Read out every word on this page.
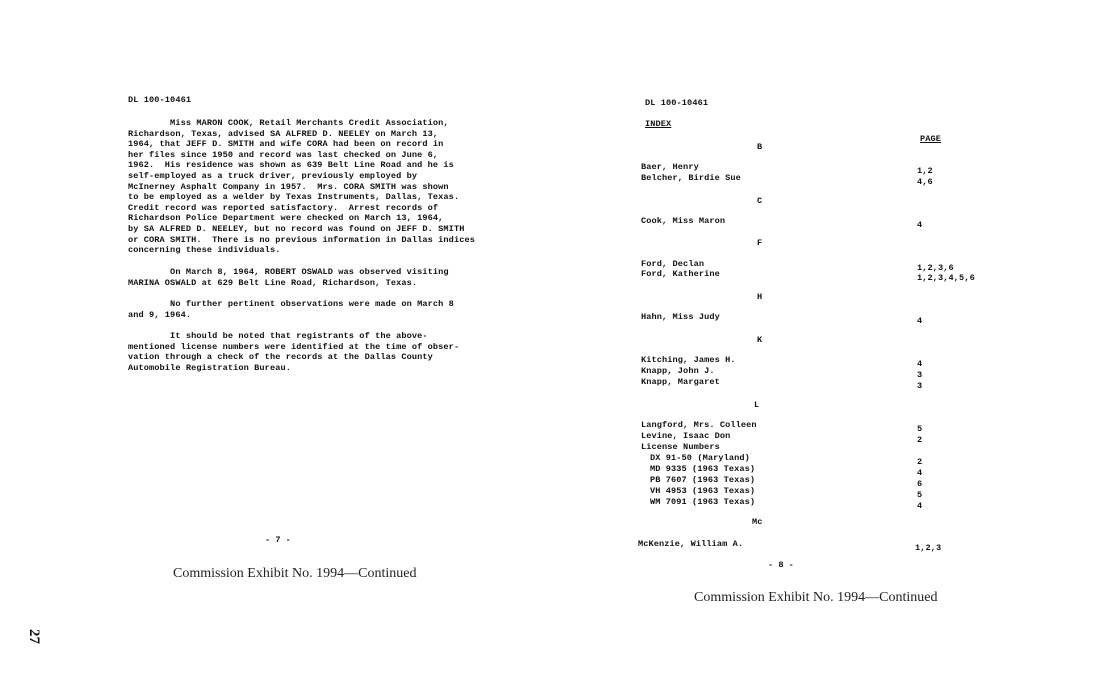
DL 100-10461
Miss MARON COOK, Retail Merchants Credit Association,
Richardson, Texas, advised SA ALFRED D. NEELEY on March 13,
1964, that JEFF D. SMITH and wife CORA had been on record in
her files since 1950 and record was last checked on June 6,
1962.  His residence was shown as 639 Belt Line Road and he is
self-employed as a truck driver, previously employed by
McInerney Asphalt Company in 1957.  Mrs. CORA SMITH was shown
to be employed as a welder by Texas Instruments, Dallas, Texas.
Credit record was reported satisfactory.  Arrest records of
Richardson Police Department were checked on March 13, 1964,
by SA ALFRED D. NEELEY, but no record was found on JEFF D. SMITH
or CORA SMITH.  There is no previous information in Dallas indices
concerning these individuals.
On March 8, 1964, ROBERT OSWALD was observed visiting
MARINA OSWALD at 629 Belt Line Road, Richardson, Texas.
No further pertinent observations were made on March 8
and 9, 1964.
It should be noted that registrants of the above-
mentioned license numbers were identified at the time of obser-
vation through a check of the records at the Dallas County
Automobile Registration Bureau.
- 7 -
Commission Exhibit No. 1994—Continued
27
DL 100-10461
INDEX
PAGE
B
Baer, Henry	1,2
Belcher, Birdie Sue	4,6
C
Cook, Miss Maron	4
F
Ford, Declan	1,2,3,6
Ford, Katherine	1,2,3,4,5,6
H
Hahn, Miss Judy	4
K
Kitching, James H.	4
Knapp, John J.	3
Knapp, Margaret	3
L
Langford, Mrs. Colleen	5
Levine, Isaac Don	2
License Numbers
DX 91-50 (Maryland)	2
MD 9335 (1963 Texas)	4
PB 7607 (1963 Texas)	6
VH 4953 (1963 Texas)	5
WM 7091 (1963 Texas)	4
Mc
McKenzie, William A.	1,2,3
- 8 -
Commission Exhibit No. 1994—Continued
